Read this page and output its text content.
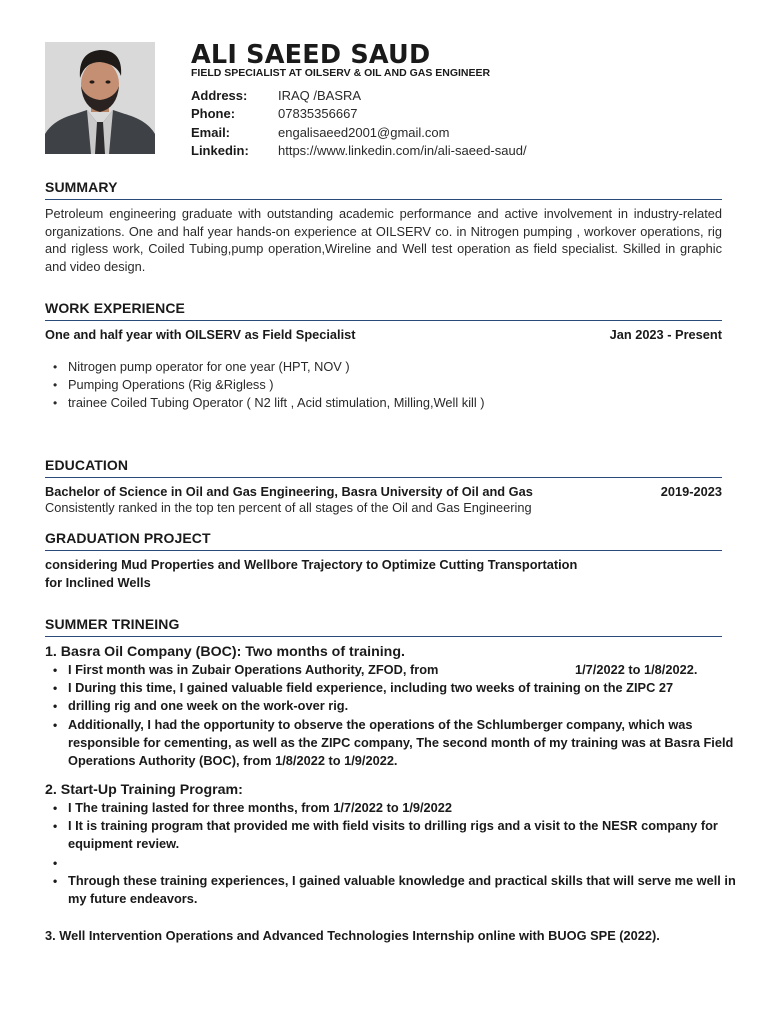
ALI SAEED SAUD
FIELD SPECIALIST AT OILSERV & OIL AND GAS ENGINEER
Address:	IRAQ /BASRA
Phone:	07835356667
Email:	engalisaeed2001@gmail.com
Linkedin:	https://www.linkedin.com/in/ali-saeed-saud/
SUMMARY
Petroleum engineering graduate with outstanding academic performance and active involvement in industry-related organizations. One and half year hands-on experience at OILSERV co. in Nitrogen pumping , workover operations, rig and rigless work, Coiled Tubing,pump operation,Wireline and Well test operation as field specialist. Skilled in graphic and video design.
WORK EXPERIENCE
One and half year with OILSERV as Field Specialist	Jan 2023 - Present
• Nitrogen pump operator for one year (HPT, NOV )
• Pumping Operations (Rig &Rigless )
• trainee Coiled Tubing Operator ( N2 lift , Acid stimulation, Milling,Well kill )
EDUCATION
Bachelor of Science in Oil and Gas Engineering, Basra University of Oil and Gas	2019-2023
Consistently ranked in the top ten percent of all stages of the Oil and Gas Engineering
GRADUATION PROJECT
considering Mud Properties and Wellbore Trajectory to Optimize Cutting Transportation
for Inclined Wells
SUMMER TRINEING
1. Basra Oil Company (BOC): Two months of training.
• I First month was in Zubair Operations Authority, ZFOD, from	1/7/2022 to 1/8/2022.
• I During this time, I gained valuable field experience, including two weeks of training on the ZIPC 27
• drilling rig and one week on the work-over rig.
• Additionally, I had the opportunity to observe the operations of the Schlumberger company, which was responsible for cementing, as well as the ZIPC company, The second month of my training was at Basra Field Operations Authority (BOC), from 1/8/2022 to 1/9/2022.
2. Start-Up Training Program:
• I The training lasted for three months, from 1/7/2022 to 1/9/2022
• I It is training program that provided me with field visits to drilling rigs and a visit to the NESR company for equipment review.
•
• Through these training experiences, I gained valuable knowledge and practical skills that will serve me well in my future endeavors.
3. Well Intervention Operations and Advanced Technologies Internship online with BUOG SPE (2022).
